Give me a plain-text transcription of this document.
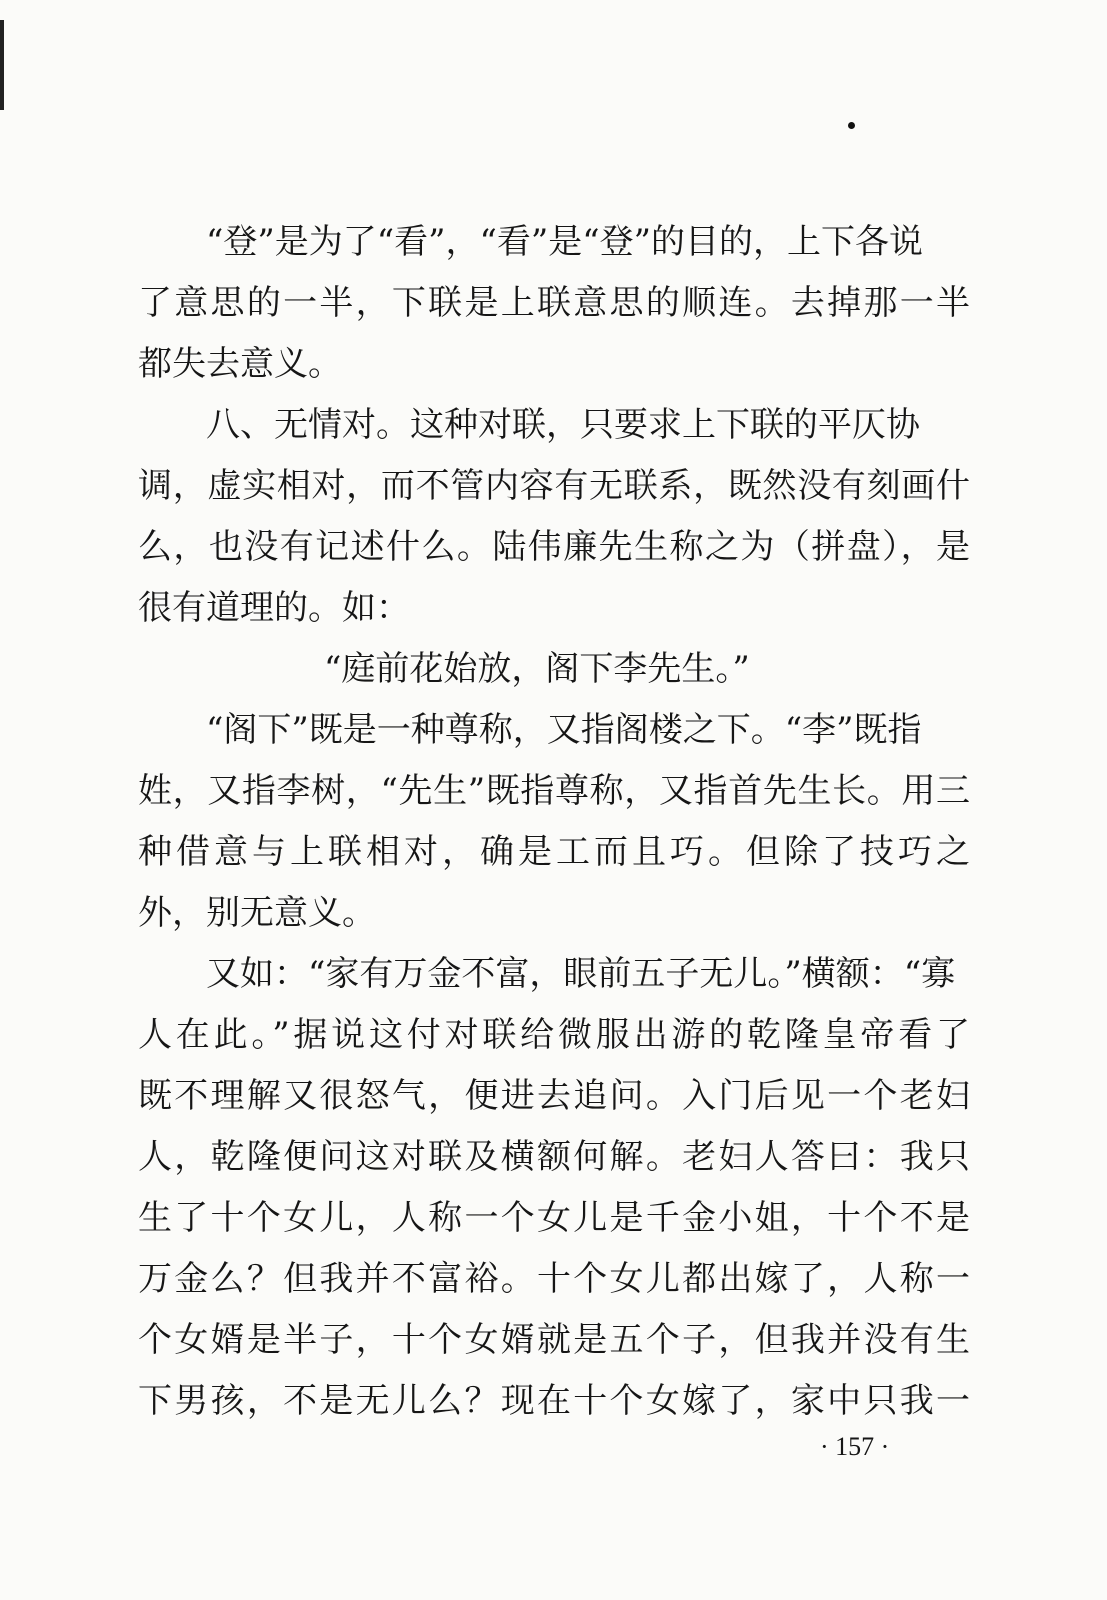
“登”是为了“看”，“看”是“登”的目的，上下各说
了意思的一半，下联是上联意思的顺连。去掉那一半
都失去意义。
八、无情对。这种对联，只要求上下联的平仄协
调，虚实相对，而不管内容有无联系，既然没有刻画什
么，也没有记述什么。陆伟廉先生称之为（拼盘），是
很有道理的。如：
“庭前花始放，阁下李先生。”
“阁下”既是一种尊称，又指阁楼之下。“李”既指
姓，又指李树，“先生”既指尊称，又指首先生长。用三
种借意与上联相对，确是工而且巧。但除了技巧之
外，别无意义。
又如：“家有万金不富，眼前五子无儿。”横额：“寡
人在此。”据说这付对联给微服出游的乾隆皇帝看了
既不理解又很怒气，便进去追问。入门后见一个老妇
人，乾隆便问这对联及横额何解。老妇人答曰：我只
生了十个女儿，人称一个女儿是千金小姐，十个不是
万金么？但我并不富裕。十个女儿都出嫁了，人称一
个女婿是半子，十个女婿就是五个子，但我并没有生
下男孩，不是无儿么？现在十个女嫁了，家中只我一
· 157 ·
